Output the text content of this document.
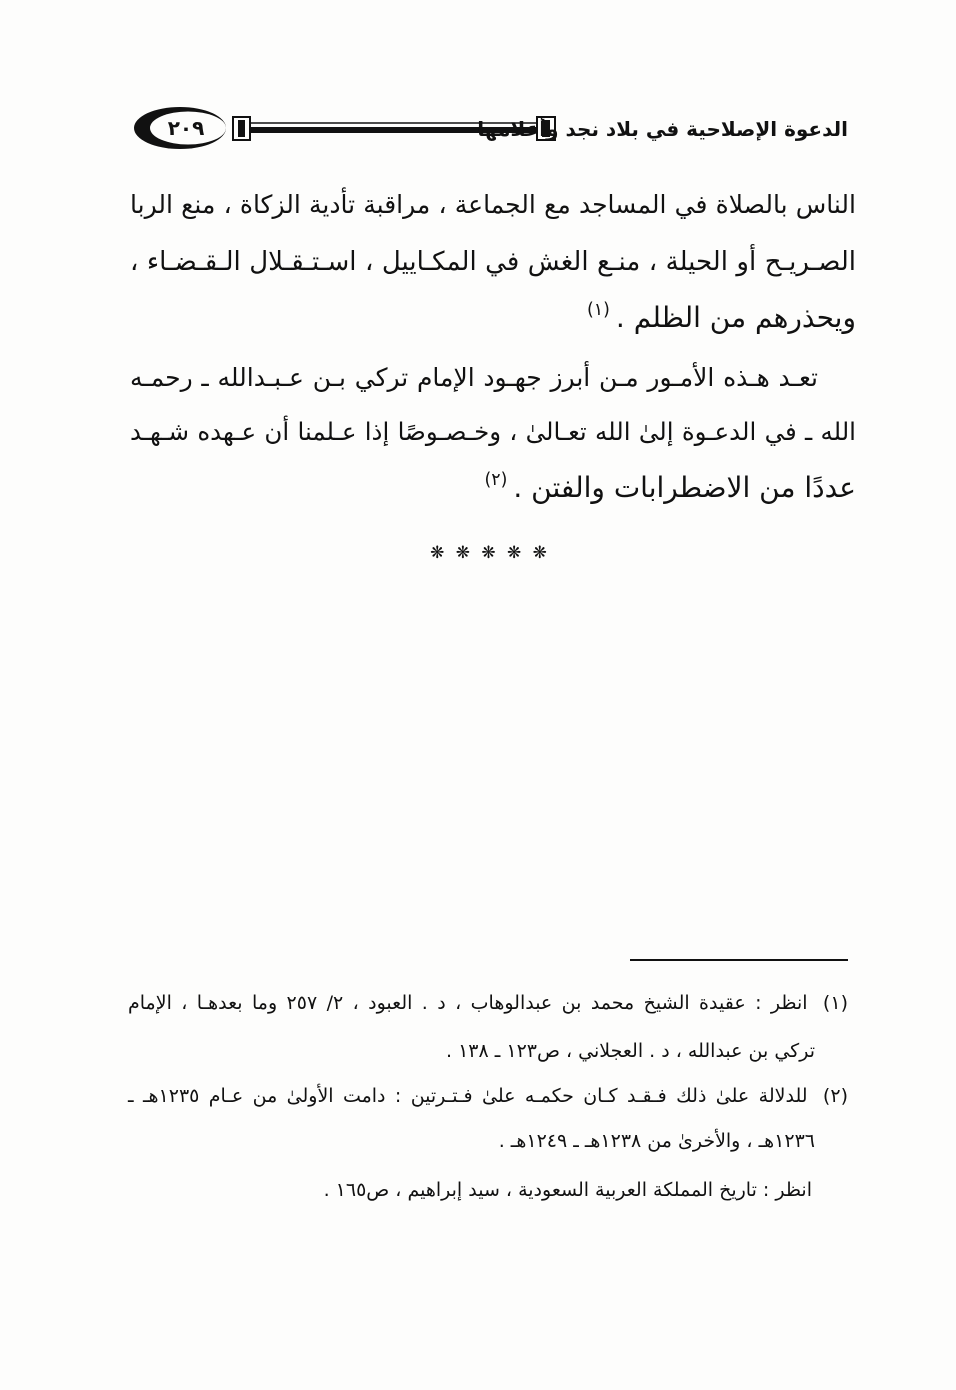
٢٠٩	الدعوة الإصلاحية في بلاد نجد وأعلامها
الناس بالصلاة في المساجد مع الجماعة ، مراقبة تأدية الزكاة ، منع الربا
الصـريـح أو الحيلة ، منـع الغش في المكـاييل ، اسـتـقـلال الـقـضـاء ،
ويحذرهم من الظلم .$^{(١)}$
تعـد هـذه الأمـور مـن أبرز جهـود الإمام تركي بـن عـبـدالله ـ رحمـه
الله ـ في الدعـوة إلىٰ الله تعـالىٰ ، وخـصـوصًا إذا عـلمنا أن عـهده شـهـد
عددًا من الاضطرابات والفتن .$^{(٢)}$
❋ ❋ ❋ ❋ ❋
(١) انظر : عقيدة الشيخ محمد بن عبدالوهاب ، د . العبود ، ٢/ ٢٥٧ وما بعدهـا ، الإمام
تركي بن عبدالله ، د . العجلاني ، ص١٢٣ ـ ١٣٨ .
(٢) للدلالة علىٰ ذلك فـقـد كـان حكمـه علىٰ فـتـرتين : دامت الأولىٰ من عـام ١٢٣٥هـ ـ
١٢٣٦هـ ، والأخرىٰ من ١٢٣٨هـ ـ ١٢٤٩هـ .
انظر : تاريخ المملكة العربية السعودية ، سيد إبراهيم ، ص١٦٥ .
